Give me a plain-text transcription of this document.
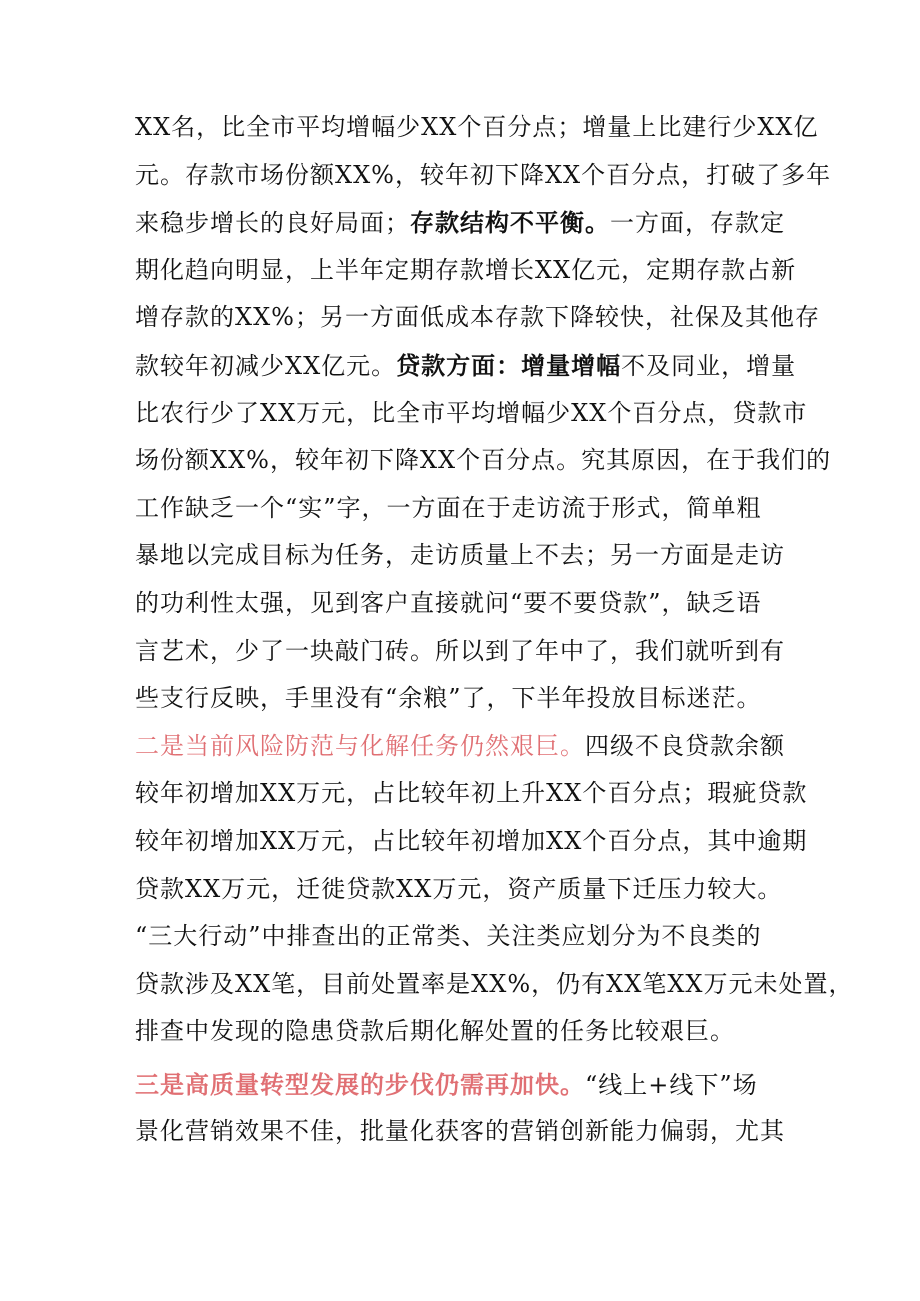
XX名，比全市平均增幅少XX个百分点；增量上比建行少XX亿
元。存款市场份额XX%，较年初下降XX个百分点，打破了多年
来稳步增长的良好局面；存款结构不平衡。一方面，存款定
期化趋向明显，上半年定期存款增长XX亿元，定期存款占新
增存款的XX%；另一方面低成本存款下降较快，社保及其他存
款较年初减少XX亿元。贷款方面：增量增幅不及同业，增量
比农行少了XX万元，比全市平均增幅少XX个百分点，贷款市
场份额XX%，较年初下降XX个百分点。究其原因，在于我们的
工作缺乏一个“实”字，一方面在于走访流于形式，简单粗
暴地以完成目标为任务，走访质量上不去；另一方面是走访
的功利性太强，见到客户直接就问“要不要贷款”，缺乏语
言艺术，少了一块敲门砖。所以到了年中了，我们就听到有
些支行反映，手里没有“余粮”了，下半年投放目标迷茫。
二是当前风险防范与化解任务仍然艰巨。四级不良贷款余额
较年初增加XX万元，占比较年初上升XX个百分点；瑕疵贷款
较年初增加XX万元，占比较年初增加XX个百分点，其中逾期
贷款XX万元，迁徙贷款XX万元，资产质量下迁压力较大。
“三大行动”中排查出的正常类、关注类应划分为不良类的
贷款涉及XX笔，目前处置率是XX%，仍有XX笔XX万元未处置，
排查中发现的隐患贷款后期化解处置的任务比较艰巨。
三是高质量转型发展的步伐仍需再加快。“线上+线下”场
景化营销效果不佳，批量化获客的营销创新能力偏弱，尤其
